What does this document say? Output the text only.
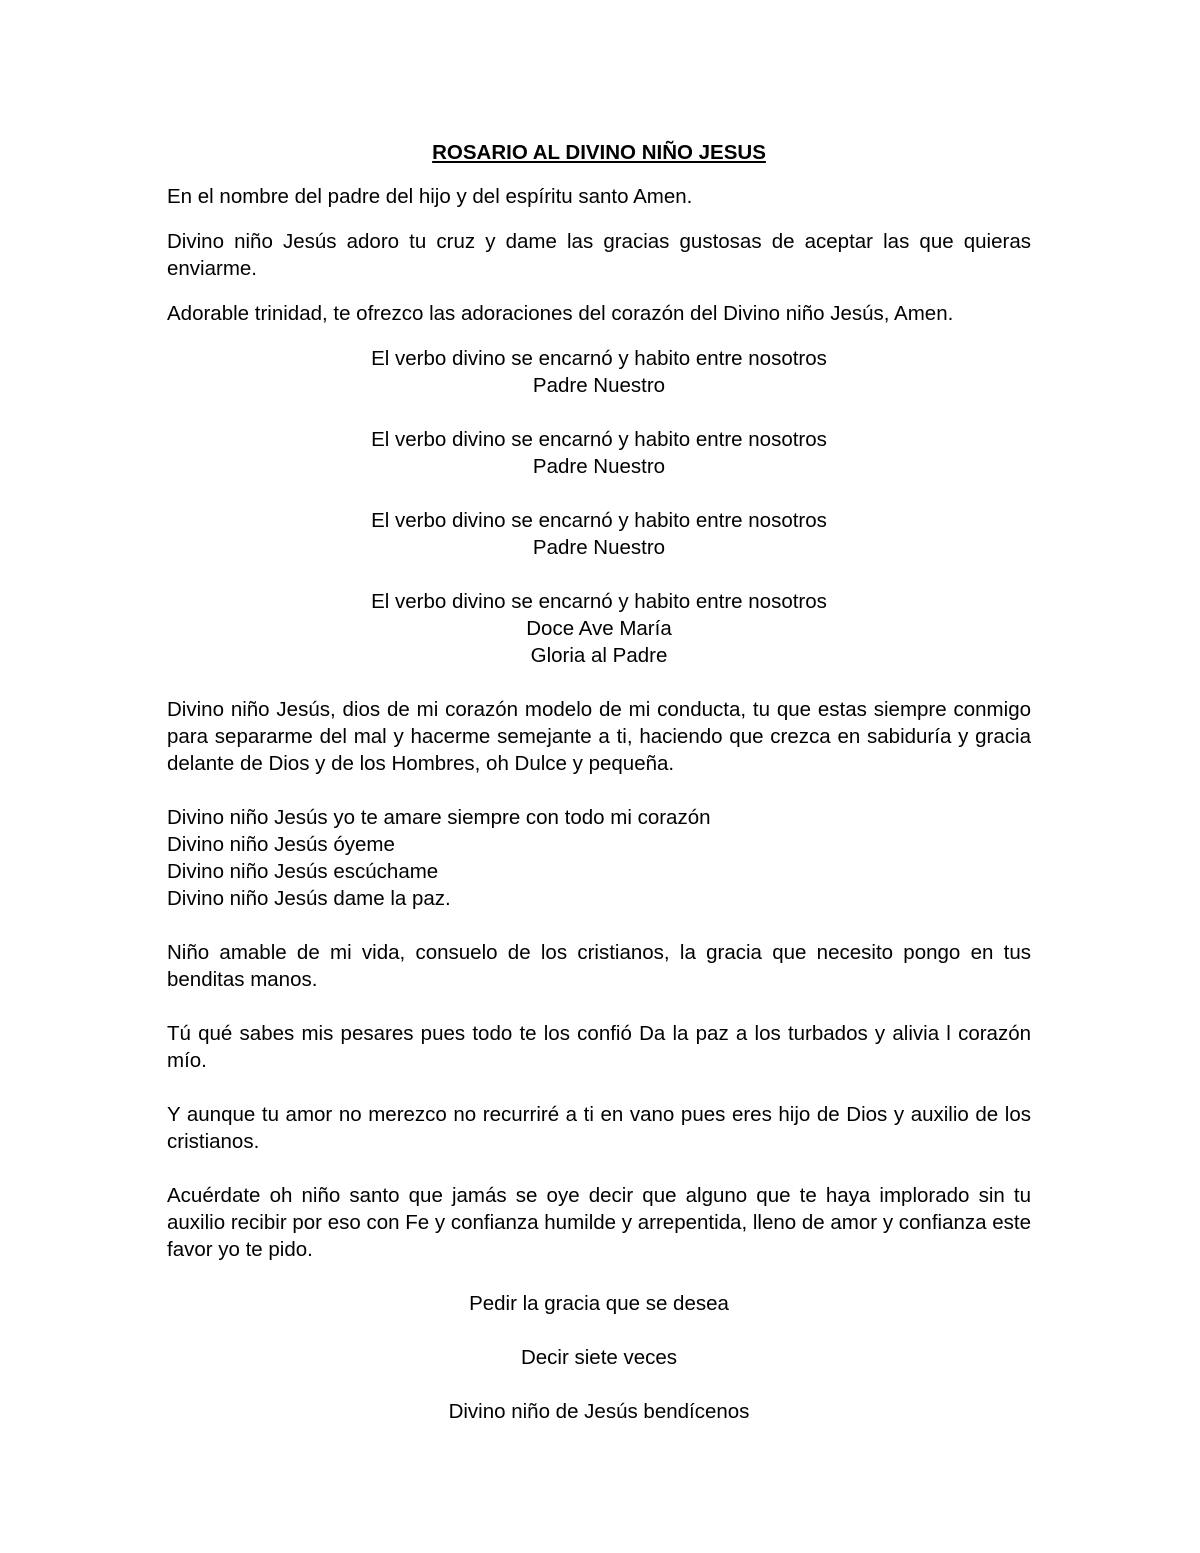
ROSARIO AL DIVINO NIÑO JESUS

En el nombre del padre del hijo y del espíritu santo Amen.

Divino niño Jesús adoro tu cruz y dame las gracias gustosas de aceptar las que quieras enviarme.

Adorable trinidad, te ofrezco las adoraciones del corazón del Divino niño Jesús, Amen.

El verbo divino se encarnó y habito entre nosotros
Padre Nuestro
El verbo divino se encarnó y habito entre nosotros
Padre Nuestro
El verbo divino se encarnó y habito entre nosotros
Padre Nuestro
El verbo divino se encarnó y habito entre nosotros
Doce Ave María
Gloria al Padre

Divino niño Jesús, dios de mi corazón modelo de mi conducta, tu que estas siempre conmigo para separarme del mal y hacerme semejante a ti, haciendo que crezca en sabiduría y gracia delante de Dios y de los Hombres, oh Dulce y pequeña.

Divino niño Jesús yo te amare siempre con todo mi corazón
Divino niño Jesús óyeme
Divino niño Jesús escúchame
Divino niño Jesús dame la paz.

Niño amable de mi vida, consuelo de los cristianos, la gracia que necesito pongo en tus benditas manos.

Tú qué sabes mis pesares pues todo te los confió Da la paz a los turbados y alivia l corazón mío.

Y aunque tu amor no merezco no recurriré a ti en vano pues eres hijo de Dios y auxilio de los cristianos.

Acuérdate oh niño santo que jamás se oye decir que alguno que te haya implorado sin tu auxilio recibir por eso con Fe y confianza humilde y arrepentida, lleno de amor y confianza este favor yo te pido.

Pedir la gracia que se desea

Decir siete veces

Divino niño de Jesús bendícenos
